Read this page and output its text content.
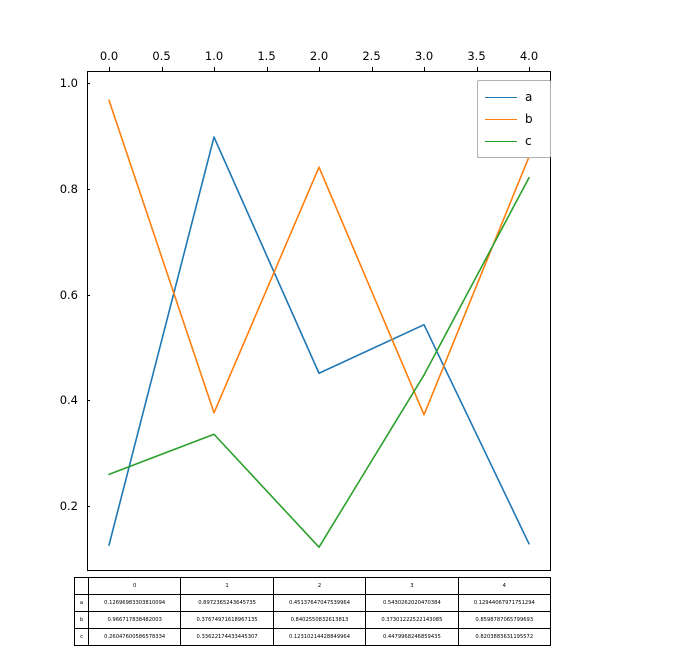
0.0	0.5	1.0	1.5	2.0	2.5	3.0	3.5	4.0
0.2
0.4
0.6
0.8
1.0
a
b
c
	0	1	2	3	4
a	0.12696983303810094	0.8972365243645735	0.45137647047539964	0.5430262020470384	0.12944067971751294
b	0.966717838482003	0.37674971618967135	0.8402550832613813	0.37301222522143085	0.8598787065799693
c	0.26047600586578334	0.33622174433445307	0.12310214428849964	0.4479968246859435	0.8203883631195572
